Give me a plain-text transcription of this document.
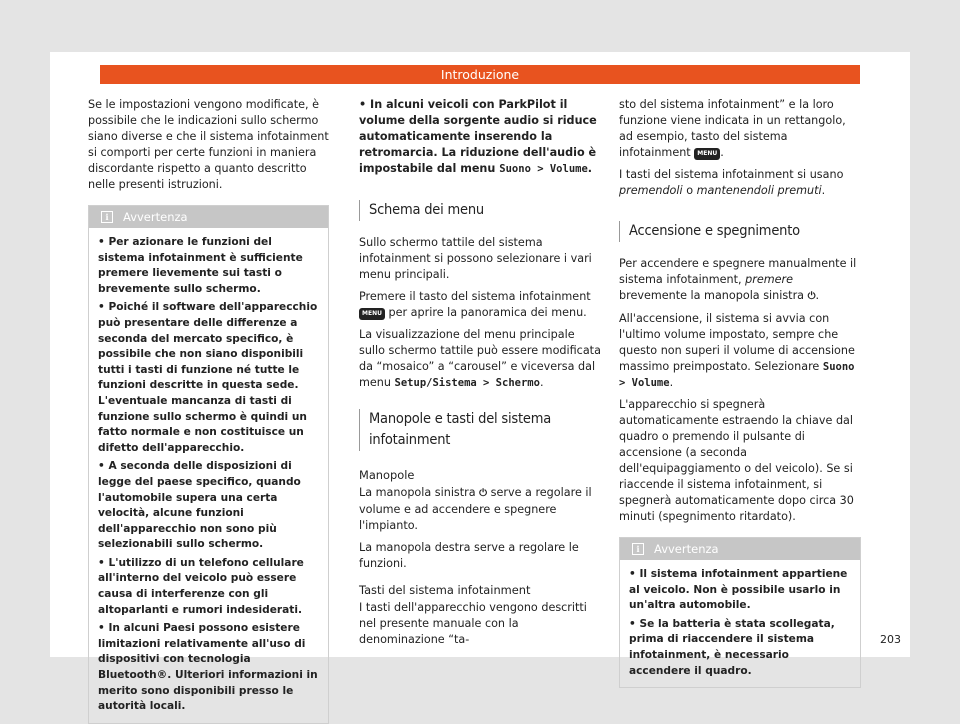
Introduzione

Se le impostazioni vengono modificate, è possibile che le indicazioni sullo schermo siano diverse e che il sistema infotainment si comporti per certe funzioni in maniera discordante rispetto a quanto descritto nelle presenti istruzioni.

i	Avvertenza

• Per azionare le funzioni del sistema infotainment è sufficiente premere lievemente sui tasti o brevemente sullo schermo.

• Poiché il software dell'apparecchio può presentare delle differenze a seconda del mercato specifico, è possibile che non siano disponibili tutti i tasti di funzione né tutte le funzioni descritte in questa sede. L'eventuale mancanza di tasti di funzione sullo schermo è quindi un fatto normale e non costituisce un difetto dell'apparecchio.

• A seconda delle disposizioni di legge del paese specifico, quando l'automobile supera una certa velocità, alcune funzioni dell'apparecchio non sono più selezionabili sullo schermo.

• L'utilizzo di un telefono cellulare all'interno del veicolo può essere causa di interferenze con gli altoparlanti e rumori indesiderati.

• In alcuni Paesi possono esistere limitazioni relativamente all'uso di dispositivi con tecnologia Bluetooth®. Ulteriori informazioni in merito sono disponibili presso le autorità locali.

• In alcuni veicoli con ParkPilot il volume della sorgente audio si riduce automaticamente inserendo la retromarcia. La riduzione dell'audio è impostabile dal menu Suono > Volume.

Schema dei menu

Sullo schermo tattile del sistema infotainment si possono selezionare i vari menu principali.

Premere il tasto del sistema infotainment MENU per aprire la panoramica dei menu.

La visualizzazione del menu principale sullo schermo tattile può essere modificata da “mosaico” a “carousel” e viceversa dal menu Setup/Sistema > Schermo.

Manopole e tasti del sistema infotainment

Manopole

La manopola sinistra ⏻ serve a regolare il volume e ad accendere e spegnere l'impianto.

La manopola destra serve a regolare le funzioni.

Tasti del sistema infotainment

I tasti dell'apparecchio vengono descritti nel presente manuale con la denominazione “ta-

sto del sistema infotainment” e la loro funzione viene indicata in un rettangolo, ad esempio, tasto del sistema infotainment MENU .

I tasti del sistema infotainment si usano premendoli o mantenendoli premuti.

Accensione e spegnimento

Per accendere e spegnere manualmente il sistema infotainment, premere brevemente la manopola sinistra ⏻.

All'accensione, il sistema si avvia con l'ultimo volume impostato, sempre che questo non superi il volume di accensione massimo preimpostato. Selezionare Suono > Volume.

L'apparecchio si spegnerà automaticamente estraendo la chiave dal quadro o premendo il pulsante di accensione (a seconda dell'equipaggiamento o del veicolo). Se si riaccende il sistema infotainment, si spegnerà automaticamente dopo circa 30 minuti (spegnimento ritardato).

i	Avvertenza

• Il sistema infotainment appartiene al veicolo. Non è possibile usarlo in un'altra automobile.

• Se la batteria è stata scollegata, prima di riaccendere il sistema infotainment, è necessario accendere il quadro.

203
